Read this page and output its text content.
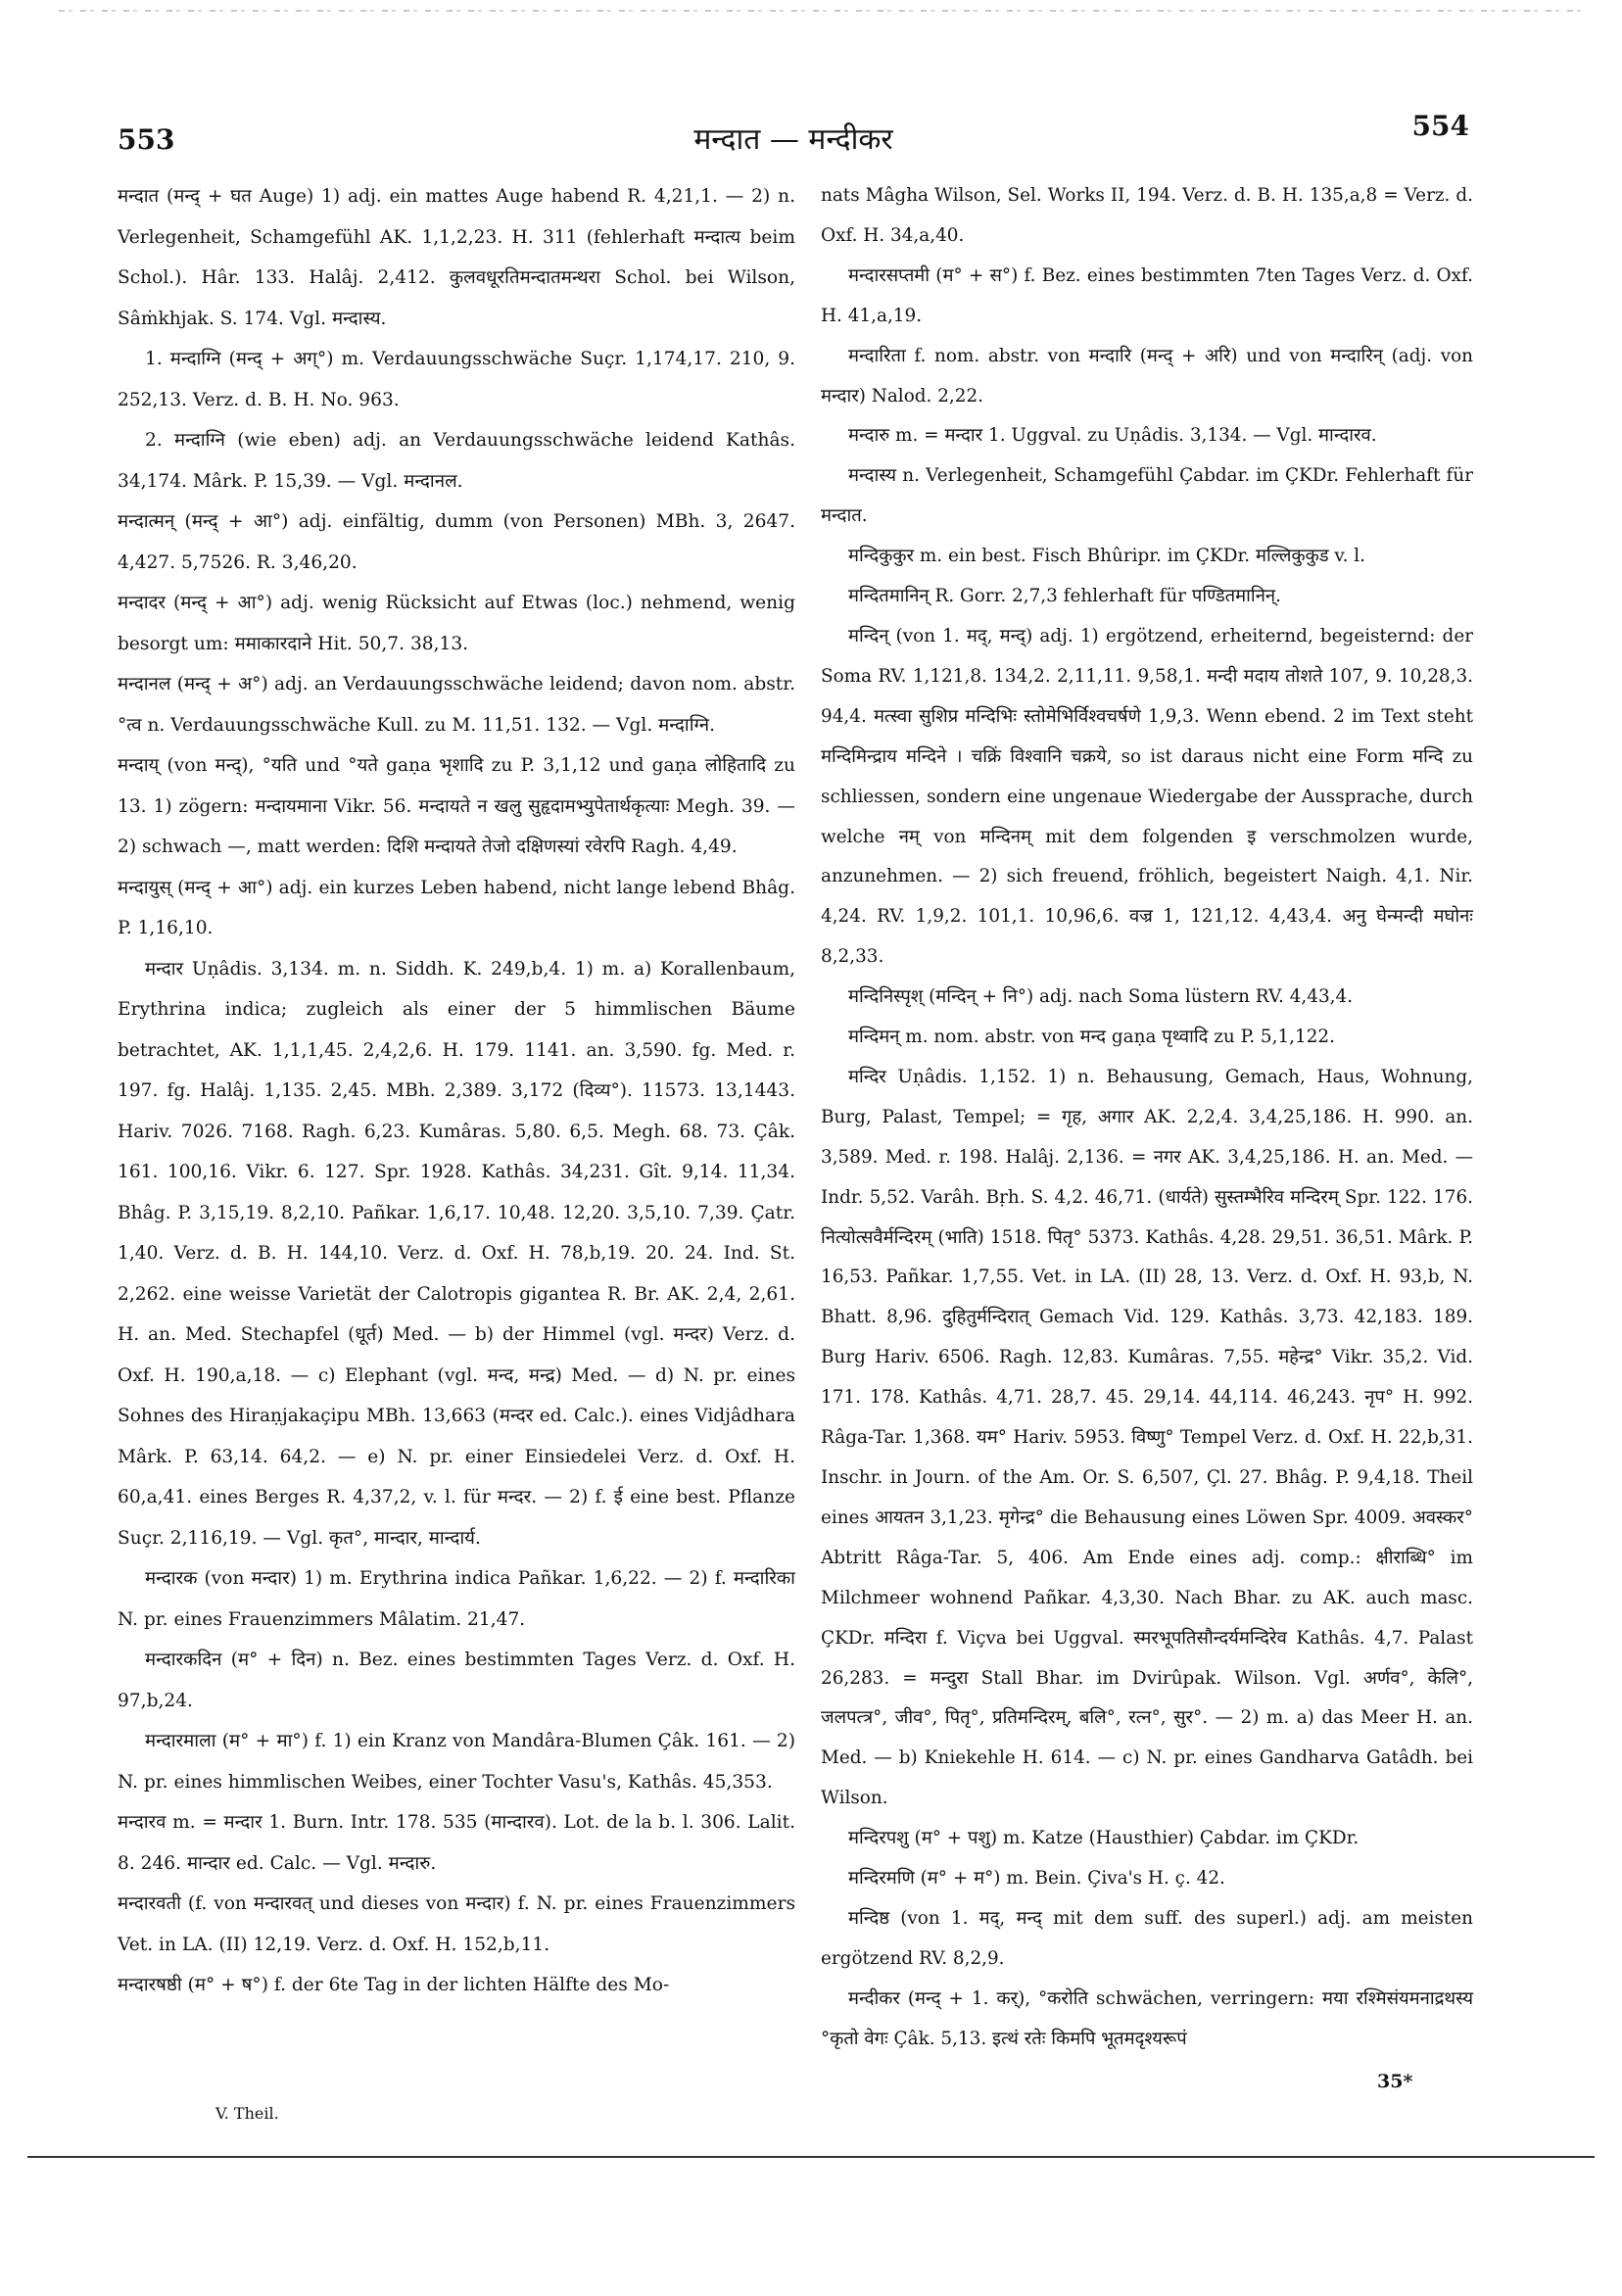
553	मन्दात — मन्दीकर	554

मन्दात (मन्द् + घत Auge) 1) adj. ein mattes Auge habend R. 4,21,1. — 2) n. Verlegenheit, Schamgefühl AK. 1,1,2,23. H. 311 (fehlerhaft मन्दात्य beim Schol.). Hâr. 133. Halâj. 2,412. कुलवधूरतिमन्दातमन्थरा Schol. bei Wilson, Sâṁkhjak. S. 174. Vgl. मन्दास्य.

1. मन्दाग्नि (मन्द् + अग्°) m. Verdauungsschwäche Suçr. 1,174,17. 210, 9. 252,13. Verz. d. B. H. No. 963.

2. मन्दाग्नि (wie eben) adj. an Verdauungsschwäche leidend Kathâs. 34,174. Mârk. P. 15,39. — Vgl. मन्दानल.

मन्दात्मन् (मन्द् + आ°) adj. einfältig, dumm (von Personen) MBh. 3, 2647. 4,427. 5,7526. R. 3,46,20.

मन्दादर (मन्द् + आ°) adj. wenig Rücksicht auf Etwas (loc.) nehmend, wenig besorgt um: ममाकारदाने Hit. 50,7. 38,13.

मन्दानल (मन्द् + अ°) adj. an Verdauungsschwäche leidend; davon nom. abstr. °त्व n. Verdauungsschwäche Kull. zu M. 11,51. 132. — Vgl. मन्दाग्नि.

मन्दाय् (von मन्द्), °यति und °यते gaṇa भृशादि zu P. 3,1,12 und gaṇa लोहितादि zu 13. 1) zögern: मन्दायमाना Vikr. 56. मन्दायते न खलु सुहृदामभ्युपेतार्थकृत्याः Megh. 39. — 2) schwach —, matt werden: दिशि मन्दायते तेजो दक्षिणस्यां रवेरपि Ragh. 4,49.

मन्दायुस् (मन्द् + आ°) adj. ein kurzes Leben habend, nicht lange lebend Bhâg. P. 1,16,10.

मन्दार Uṇâdis. 3,134. m. n. Siddh. K. 249,b,4. 1) m. a) Korallenbaum, Erythrina indica; zugleich als einer der 5 himmlischen Bäume betrachtet, AK. 1,1,1,45. 2,4,2,6. H. 179. 1141. an. 3,590. fg. Med. r. 197. fg. Halâj. 1,135. 2,45. MBh. 2,389. 3,172 (दिव्य°). 11573. 13,1443. Hariv. 7026. 7168. Ragh. 6,23. Kumâras. 5,80. 6,5. Megh. 68. 73. Çâk. 161. 100,16. Vikr. 6. 127. Spr. 1928. Kathâs. 34,231. Gît. 9,14. 11,34. Bhâg. P. 3,15,19. 8,2,10. Pañkar. 1,6,17. 10,48. 12,20. 3,5,10. 7,39. Çatr. 1,40. Verz. d. B. H. 144,10. Verz. d. Oxf. H. 78,b,19. 20. 24. Ind. St. 2,262. eine weisse Varietät der Calotropis gigantea R. Br. AK. 2,4, 2,61. H. an. Med. Stechapfel (धूर्त) Med. — b) der Himmel (vgl. मन्दर) Verz. d. Oxf. H. 190,a,18. — c) Elephant (vgl. मन्द, मन्द्र) Med. — d) N. pr. eines Sohnes des Hiraṇjakaçipu MBh. 13,663 (मन्दर ed. Calc.). eines Vidjâdhara Mârk. P. 63,14. 64,2. — e) N. pr. einer Einsiedelei Verz. d. Oxf. H. 60,a,41. eines Berges R. 4,37,2, v. l. für मन्दर. — 2) f. ई eine best. Pflanze Suçr. 2,116,19. — Vgl. कृत°, मान्दार, मान्दार्य.

मन्दारक (von मन्दार) 1) m. Erythrina indica Pañkar. 1,6,22. — 2) f. मन्दारिका N. pr. eines Frauenzimmers Mâlatim. 21,47.

मन्दारकदिन (म° + दिन) n. Bez. eines bestimmten Tages Verz. d. Oxf. H. 97,b,24.

मन्दारमाला (म° + मा°) f. 1) ein Kranz von Mandâra-Blumen Çâk. 161. — 2) N. pr. eines himmlischen Weibes, einer Tochter Vasu's, Kathâs. 45,353.

मन्दारव m. = मन्दार 1. Burn. Intr. 178. 535 (मान्दारव). Lot. de la b. l. 306. Lalit. 8. 246. मान्दार ed. Calc. — Vgl. मन्दारु.

मन्दारवती (f. von मन्दारवत् und dieses von मन्दार) f. N. pr. eines Frauenzimmers Vet. in LA. (II) 12,19. Verz. d. Oxf. H. 152,b,11.

मन्दारषष्ठी (म° + ष°) f. der 6te Tag in der lichten Hälfte des Mo-

nats Mâgha Wilson, Sel. Works II, 194. Verz. d. B. H. 135,a,8 = Verz. d. Oxf. H. 34,a,40.

मन्दारसप्तमी (म° + स°) f. Bez. eines bestimmten 7ten Tages Verz. d. Oxf. H. 41,a,19.

मन्दारिता f. nom. abstr. von मन्दारि (मन्द् + अरि) und von मन्दारिन् (adj. von मन्दार) Nalod. 2,22.

मन्दारु m. = मन्दार 1. Uggval. zu Uṇâdis. 3,134. — Vgl. मान्दारव.

मन्दास्य n. Verlegenheit, Schamgefühl Çabdar. im ÇKDr. Fehlerhaft für मन्दात.

मन्दिकुकुर m. ein best. Fisch Bhûripr. im ÇKDr. मल्लिकुकुड v. l.

मन्दितमानिन् R. Gorr. 2,7,3 fehlerhaft für पण्डितमानिन्.

मन्दिन् (von 1. मद्, मन्द्) adj. 1) ergötzend, erheiternd, begeisternd: der Soma RV. 1,121,8. 134,2. 2,11,11. 9,58,1. मन्दी मदाय तोशते 107, 9. 10,28,3. 94,4. मत्स्वा सुशिप्र मन्दिभिः स्तोमेभिर्विश्वचर्षणे 1,9,3. Wenn ebend. 2 im Text steht मन्दिमिन्द्राय मन्दिने । चक्रिं विश्वानि चक्रये, so ist daraus nicht eine Form मन्दि zu schliessen, sondern eine ungenaue Wiedergabe der Aussprache, durch welche नम् von मन्दिनम् mit dem folgenden इ verschmolzen wurde, anzunehmen. — 2) sich freuend, fröhlich, begeistert Naigh. 4,1. Nir. 4,24. RV. 1,9,2. 101,1. 10,96,6. वज्र 1, 121,12. 4,43,4. अनु घेन्मन्दी मघोनः 8,2,33.

मन्दिनिस्पृश् (मन्दिन् + नि°) adj. nach Soma lüstern RV. 4,43,4.

मन्दिमन् m. nom. abstr. von मन्द gaṇa पृथ्वादि zu P. 5,1,122.

मन्दिर Uṇâdis. 1,152. 1) n. Behausung, Gemach, Haus, Wohnung, Burg, Palast, Tempel; = गृह, अगार AK. 2,2,4. 3,4,25,186. H. 990. an. 3,589. Med. r. 198. Halâj. 2,136. = नगर AK. 3,4,25,186. H. an. Med. — Indr. 5,52. Varâh. Bṛh. S. 4,2. 46,71. (धार्यते) सुस्तम्भैरिव मन्दिरम् Spr. 122. 176. नित्योत्सवैर्मन्दिरम् (भाति) 1518. पितृ° 5373. Kathâs. 4,28. 29,51. 36,51. Mârk. P. 16,53. Pañkar. 1,7,55. Vet. in LA. (II) 28, 13. Verz. d. Oxf. H. 93,b, N. Bhatt. 8,96. दुहितुर्मन्दिरात् Gemach Vid. 129. Kathâs. 3,73. 42,183. 189. Burg Hariv. 6506. Ragh. 12,83. Kumâras. 7,55. महेन्द्र° Vikr. 35,2. Vid. 171. 178. Kathâs. 4,71. 28,7. 45. 29,14. 44,114. 46,243. नृप° H. 992. Râga-Tar. 1,368. यम° Hariv. 5953. विष्णु° Tempel Verz. d. Oxf. H. 22,b,31. Inschr. in Journ. of the Am. Or. S. 6,507, Çl. 27. Bhâg. P. 9,4,18. Theil eines आयतन 3,1,23. मृगेन्द्र° die Behausung eines Löwen Spr. 4009. अवस्कर° Abtritt Râga-Tar. 5, 406. Am Ende eines adj. comp.: क्षीराब्धि° im Milchmeer wohnend Pañkar. 4,3,30. Nach Bhar. zu AK. auch masc. ÇKDr. मन्दिरा f. Viçva bei Uggval. स्मरभूपतिसौन्दर्यमन्दिरेव Kathâs. 4,7. Palast 26,283. = मन्दुरा Stall Bhar. im Dvirûpak. Wilson. Vgl. अर्णव°, केलि°, जलपत्त्र°, जीव°, पितृ°, प्रतिमन्दिरम्, बलि°, रत्न°, सुर°. — 2) m. a) das Meer H. an. Med. — b) Kniekehle H. 614. — c) N. pr. eines Gandharva Gatâdh. bei Wilson.

मन्दिरपशु (म° + पशु) m. Katze (Hausthier) Çabdar. im ÇKDr.

मन्दिरमणि (म° + म°) m. Bein. Çiva's H. ç. 42.

मन्दिष्ठ (von 1. मद्, मन्द् mit dem suff. des superl.) adj. am meisten ergötzend RV. 8,2,9.

मन्दीकर (मन्द् + 1. कर्), °करोति schwächen, verringern: मया रश्मिसंयमनाद्रथस्य °कृतो वेगः Çâk. 5,13. इत्थं रतेः किमपि भूतमदृश्यरूपं

V. Theil.
35*
